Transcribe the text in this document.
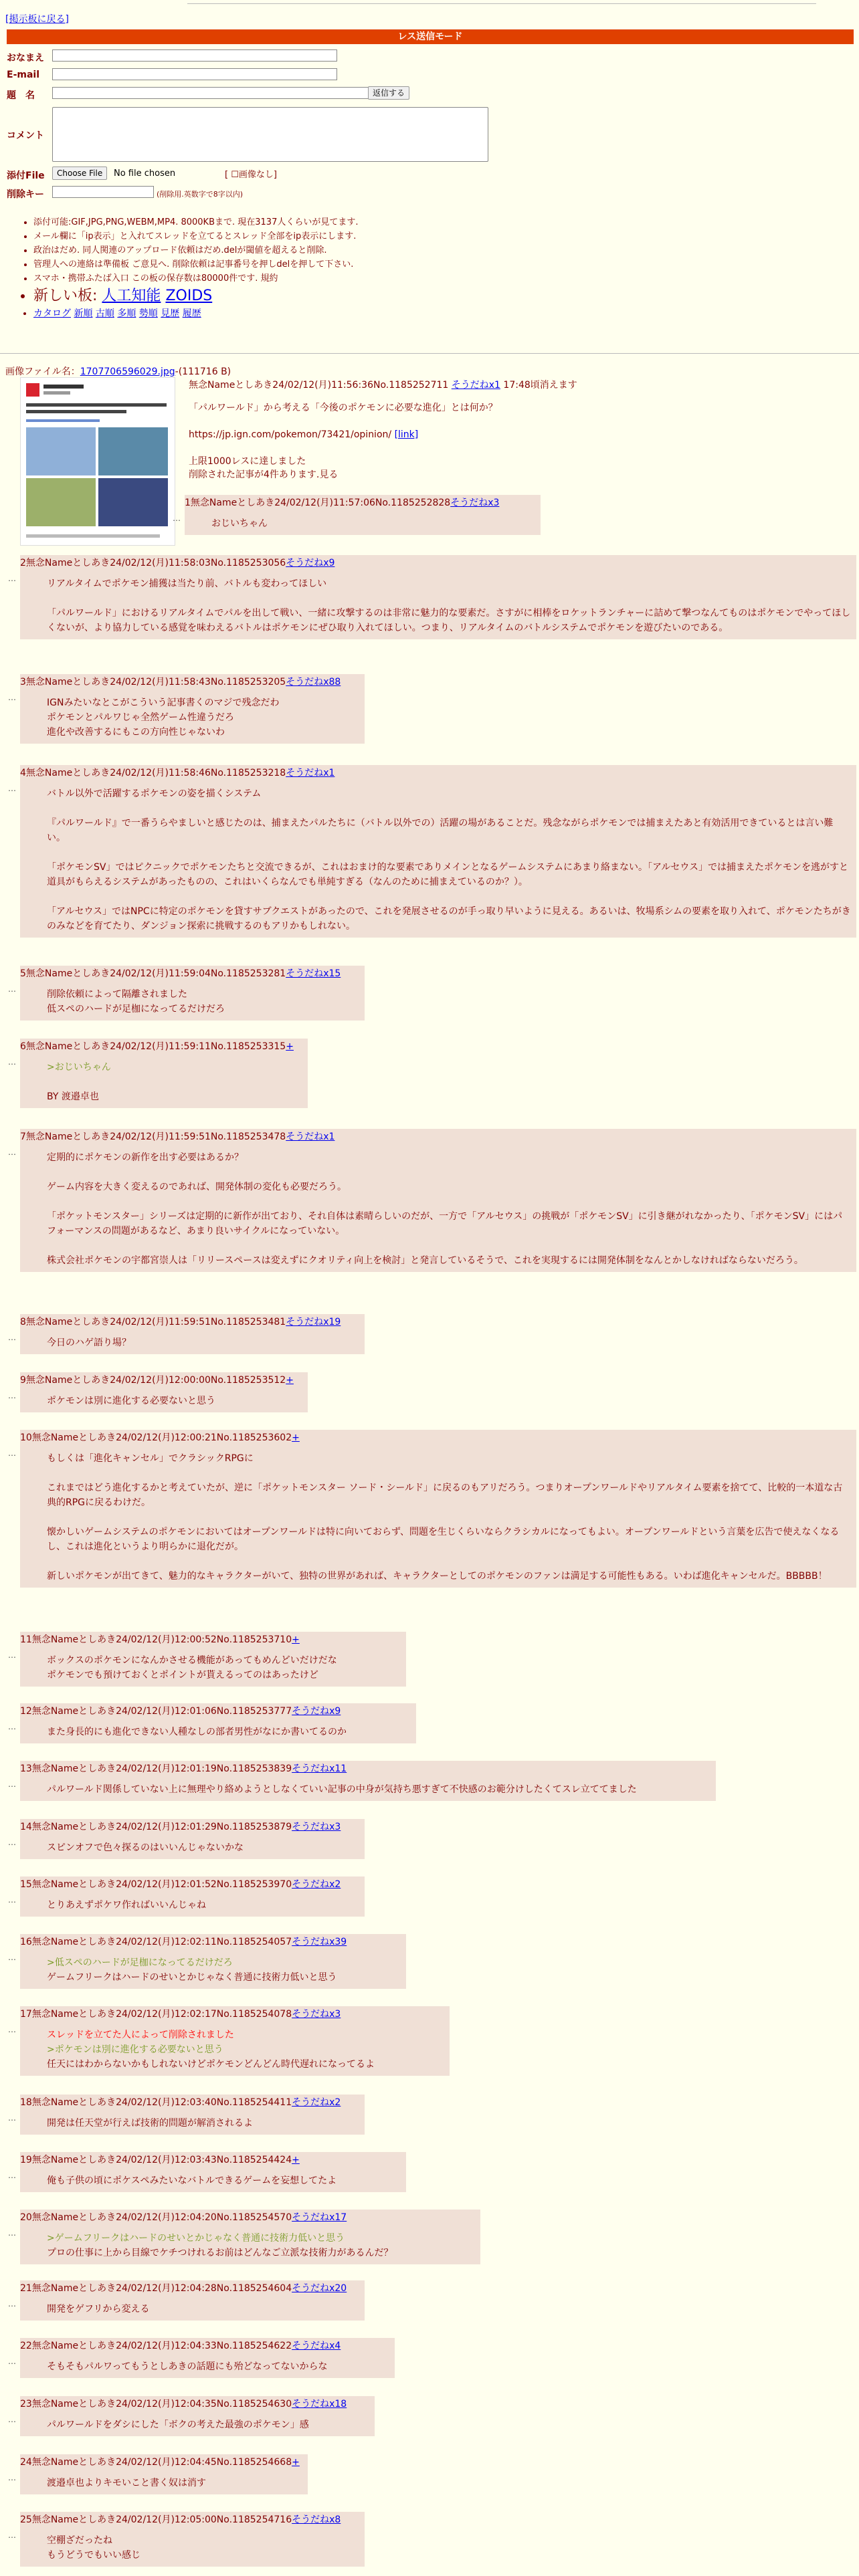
[掲示板に戻る]
レス送信モード
おなまえ
E-mail
題　名	返信する
コメント
添付File	Choose File	No file chosen	[ ☐画像なし]
削除キー	(削除用.英数字で8字以内)
• 添付可能:GIF,JPG,PNG,WEBM,MP4. 8000KBまで. 現在3137人くらいが見てます.
• メール欄に「ip表示」と入れてスレッドを立てるとスレッド全部をip表示にします.
• 政治はだめ. 同人関連のアップロード依頼はだめ.delが閾値を超えると削除.
• 管理人への連絡は準備板 ご意見へ. 削除依頼は記事番号を押しdelを押して下さい.
• スマホ・携帯ふたば入口 この板の保存数は80000件です. 規約
• 新しい板: 人工知能 ZOIDS
• カタログ 新順 古順 多順 勢順 見歴 履歴
画像ファイル名：1707706596029.jpg-(111716 B)
無念Nameとしあき24/02/12(月)11:56:36No.1185252711 そうだねx1 17:48頃消えます

「パルワールド」から考える「今後のポケモンに必要な進化」とは何か？

https://jp.ign.com/pokemon/73421/opinion/ [link]

上限1000レスに達しました

削除された記事が4件あります.見る

1無念Nameとしあき24/02/12(月)11:57:06No.1185252828そうだねx3

おじいちゃん

…
2無念Nameとしあき24/02/12(月)11:58:03No.1185253056そうだねx9

リアルタイムでポケモン捕獲は当たり前、バトルも変わってほしい

「パルワールド」におけるリアルタイムでパルを出して戦い、一緒に攻撃するのは非常に魅力的な要素だ。さすがに相棒をロケットランチャーに詰めて撃つなんてものはポケモンでやってほしくないが、より協力している感覚を味わえるバトルはポケモンにぜひ取り入れてほしい。つまり、リアルタイムのバトルシステムでポケモンを遊びたいのである。

…
3無念Nameとしあき24/02/12(月)11:58:43No.1185253205そうだねx88

IGNみたいなとこがこういう記事書くのマジで残念だわ

ポケモンとパルワじゃ全然ゲーム性違うだろ

進化や改善するにもこの方向性じゃないわ

…
4無念Nameとしあき24/02/12(月)11:58:46No.1185253218そうだねx1

バトル以外で活躍するポケモンの姿を描くシステム

『パルワールド』で一番うらやましいと感じたのは、捕まえたパルたちに（バトル以外での）活躍の場があることだ。残念ながらポケモンでは捕まえたあと有効活用できているとは言い難い。

「ポケモンSV」ではピクニックでポケモンたちと交流できるが、これはおまけ的な要素でありメインとなるゲームシステムにあまり絡まない。「アルセウス」では捕まえたポケモンを逃がすと道具がもらえるシステムがあったものの、これはいくらなんでも単純すぎる（なんのために捕まえているのか？）。

「アルセウス」ではNPCに特定のポケモンを貸すサブクエストがあったので、これを発展させるのが手っ取り早いように見える。あるいは、牧場系シムの要素を取り入れて、ポケモンたちがきのみなどを育てたり、ダンジョン探索に挑戦するのもアリかもしれない。

…
5無念Nameとしあき24/02/12(月)11:59:04No.1185253281そうだねx15

削除依頼によって隔離されました

低スペのハードが足枷になってるだけだろ

…
6無念Nameとしあき24/02/12(月)11:59:11No.1185253315+

>おじいちゃん

BY 渡邉卓也

…
7無念Nameとしあき24/02/12(月)11:59:51No.1185253478そうだねx1

定期的にポケモンの新作を出す必要はあるか？

ゲーム内容を大きく変えるのであれば、開発体制の変化も必要だろう。

「ポケットモンスター」シリーズは定期的に新作が出ており、それ自体は素晴らしいのだが、一方で「アルセウス」の挑戦が「ポケモンSV」に引き継がれなかったり、「ポケモンSV」にはパフォーマンスの問題があるなど、あまり良いサイクルになっていない。

株式会社ポケモンの宇都宮崇人は「リリースペースは変えずにクオリティ向上を検討」と発言しているそうで、これを実現するには開発体制をなんとかしなければならないだろう。

…
8無念Nameとしあき24/02/12(月)11:59:51No.1185253481そうだねx19

今日のハゲ語り場？

…
9無念Nameとしあき24/02/12(月)12:00:00No.1185253512+

ポケモンは別に進化する必要ないと思う

…
10無念Nameとしあき24/02/12(月)12:00:21No.1185253602+

もしくは「進化キャンセル」でクラシックRPGに

これまではどう進化するかと考えていたが、逆に「ポケットモンスター ソード・シールド」に戻るのもアリだろう。つまりオープンワールドやリアルタイム要素を捨てて、比較的一本道な古典的RPGに戻るわけだ。

懐かしいゲームシステムのポケモンにおいてはオープンワールドは特に向いておらず、問題を生じくらいならクラシカルになってもよい。オープンワールドという言葉を広告で使えなくなるし、これは進化というより明らかに退化だが。

新しいポケモンが出てきて、魅力的なキャラクターがいて、独特の世界があれば、キャラクターとしてのポケモンのファンは満足する可能性もある。いわば進化キャンセルだ。BBBBB！

…
11無念Nameとしあき24/02/12(月)12:00:52No.1185253710+

ボックスのポケモンになんかさせる機能があってもめんどいだけだな

ポケモンでも預けておくとポイントが貰えるってのはあったけど

…
12無念Nameとしあき24/02/12(月)12:01:06No.1185253777そうだねx9

また身長的にも進化できない人種なしの部者男性がなにか書いてるのか

…
13無念Nameとしあき24/02/12(月)12:01:19No.1185253839そうだねx11

パルワールド関係していない上に無理やり絡めようとしなくていい記事の中身が気持ち悪すぎて不快感のお範分けしたくてスレ立ててました

…
14無念Nameとしあき24/02/12(月)12:01:29No.1185253879そうだねx3

スピンオフで色々探るのはいいんじゃないかな

…
15無念Nameとしあき24/02/12(月)12:01:52No.1185253970そうだねx2

とりあえずポケワ作ればいいんじゃね

…
16無念Nameとしあき24/02/12(月)12:02:11No.1185254057そうだねx39

>低スペのハードが足枷になってるだけだろ

ゲームフリークはハードのせいとかじゃなく普通に技術力低いと思う

…
17無念Nameとしあき24/02/12(月)12:02:17No.1185254078そうだねx3

スレッドを立てた人によって削除されました

>ポケモンは別に進化する必要ないと思う

任天にはわからないかもしれないけどポケモンどんどん時代遅れになってるよ

…
18無念Nameとしあき24/02/12(月)12:03:40No.1185254411そうだねx2

開発は任天堂が行えば技術的問題が解消されるよ

…
19無念Nameとしあき24/02/12(月)12:03:43No.1185254424+

俺も子供の頃にポケスペみたいなバトルできるゲームを妄想してたよ

…
20無念Nameとしあき24/02/12(月)12:04:20No.1185254570そうだねx17

>ゲームフリークはハードのせいとかじゃなく普通に技術力低いと思う

プロの仕事に上から目線でケチつけれるお前はどんなご立派な技術力があるんだ？

…
21無念Nameとしあき24/02/12(月)12:04:28No.1185254604そうだねx20

開発をゲフリから変える

…
22無念Nameとしあき24/02/12(月)12:04:33No.1185254622そうだねx4

そもそもパルワってもうとしあきの話題にも殆どなってないからな

…
23無念Nameとしあき24/02/12(月)12:04:35No.1185254630そうだねx18

パルワールドをダシにした「ボクの考えた最強のポケモン」感

…
24無念Nameとしあき24/02/12(月)12:04:45No.1185254668+

渡邉卓也よりキモいこと書く奴は消す

…
25無念Nameとしあき24/02/12(月)12:05:00No.1185254716そうだねx8

空棚ざだったね

もうどうでもいい感じ

…
